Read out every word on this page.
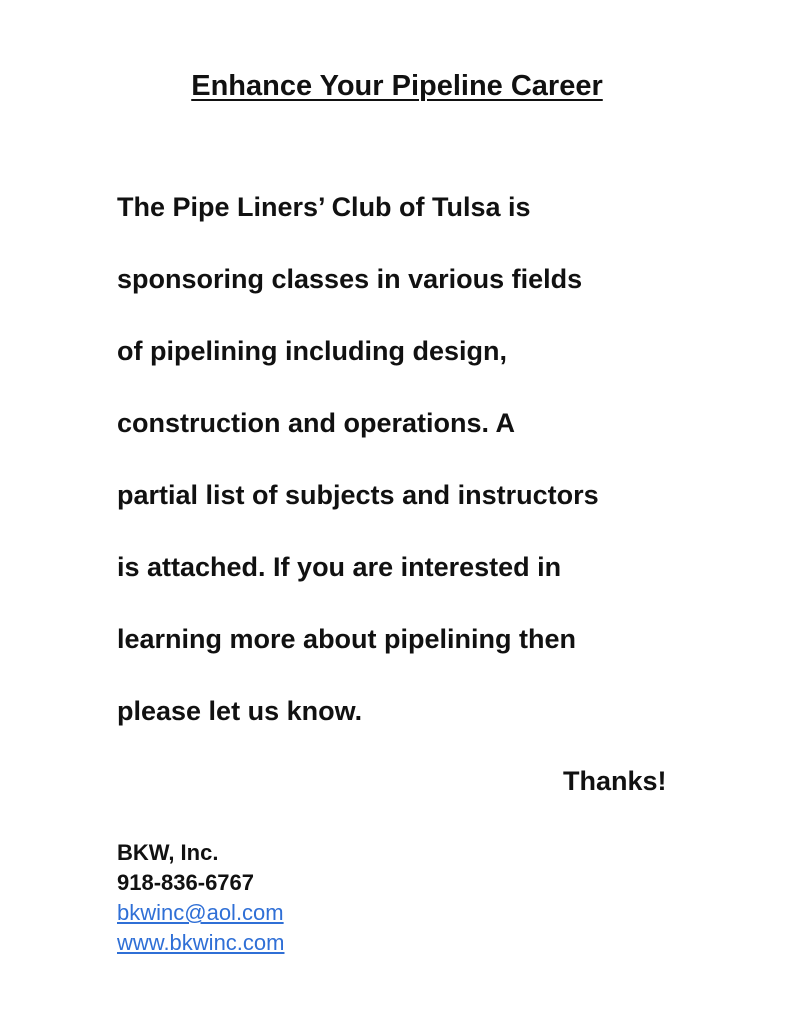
Enhance Your Pipeline Career
The Pipe Liners’ Club of Tulsa is
sponsoring classes in various fields
of pipelining including design,
construction and operations. A
partial list of subjects and instructors
is attached. If you are interested in
learning more about pipelining then
please let us know.
Thanks!
BKW, Inc.
918-836-6767
bkwinc@aol.com
www.bkwinc.com
